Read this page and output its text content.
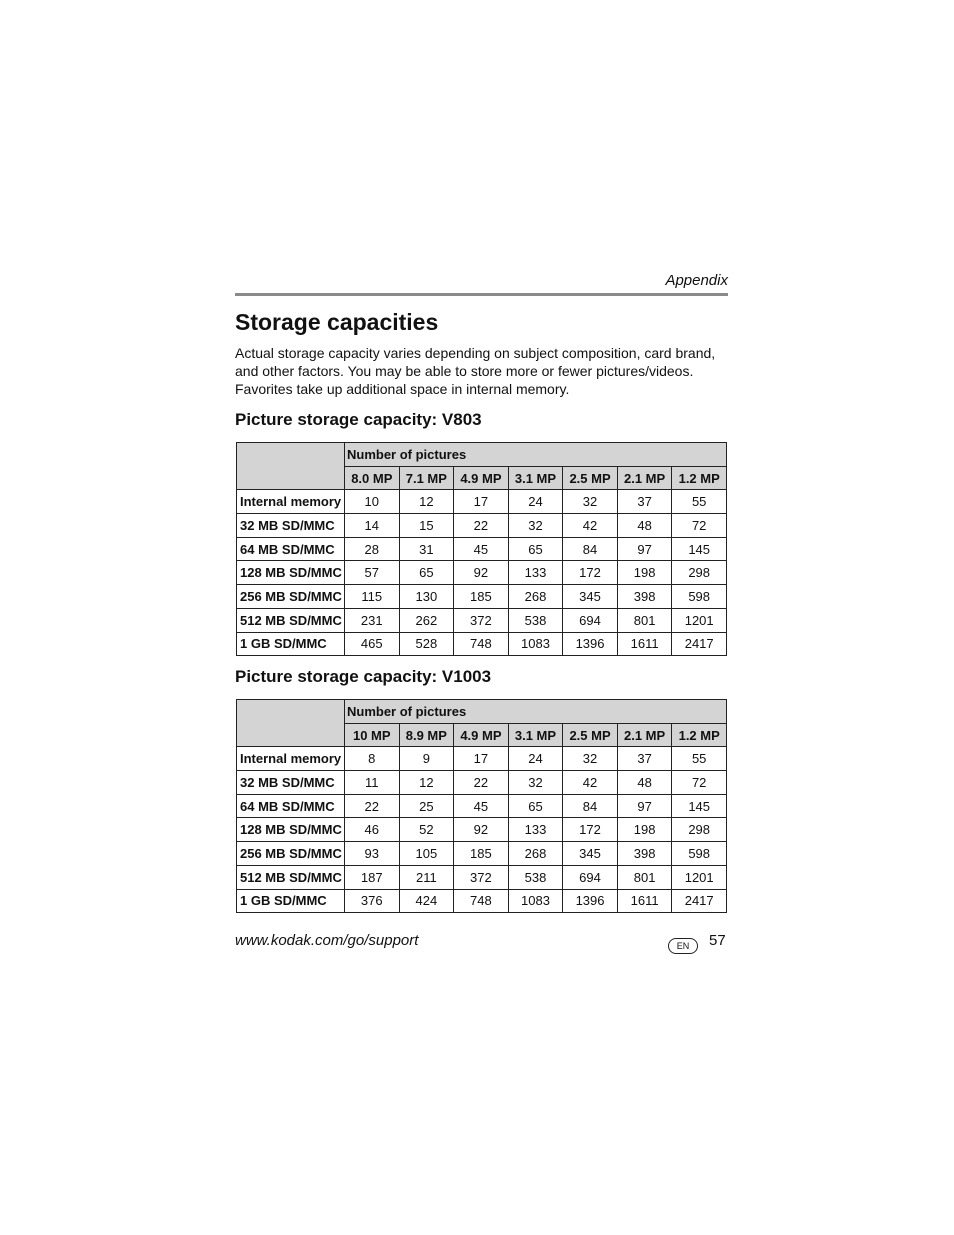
Appendix
Storage capacities

Actual storage capacity varies depending on subject composition, card brand, and other factors. You may be able to store more or fewer pictures/videos. Favorites take up additional space in internal memory.

Picture storage capacity: V803
	Number of pictures						
	8.0 MP	7.1 MP	4.9 MP	3.1 MP	2.5 MP	2.1 MP	1.2 MP
Internal memory	10	12	17	24	32	37	55
32 MB SD/MMC	14	15	22	32	42	48	72
64 MB SD/MMC	28	31	45	65	84	97	145
128 MB SD/MMC	57	65	92	133	172	198	298
256 MB SD/MMC	115	130	185	268	345	398	598
512 MB SD/MMC	231	262	372	538	694	801	1201
1 GB SD/MMC	465	528	748	1083	1396	1611	2417
Picture storage capacity: V1003
	Number of pictures						
	10 MP	8.9 MP	4.9 MP	3.1 MP	2.5 MP	2.1 MP	1.2 MP
Internal memory	8	9	17	24	32	37	55
32 MB SD/MMC	11	12	22	32	42	48	72
64 MB SD/MMC	22	25	45	65	84	97	145
128 MB SD/MMC	46	52	92	133	172	198	298
256 MB SD/MMC	93	105	185	268	345	398	598
512 MB SD/MMC	187	211	372	538	694	801	1201
1 GB SD/MMC	376	424	748	1083	1396	1611	2417
www.kodak.com/go/support	EN	57
